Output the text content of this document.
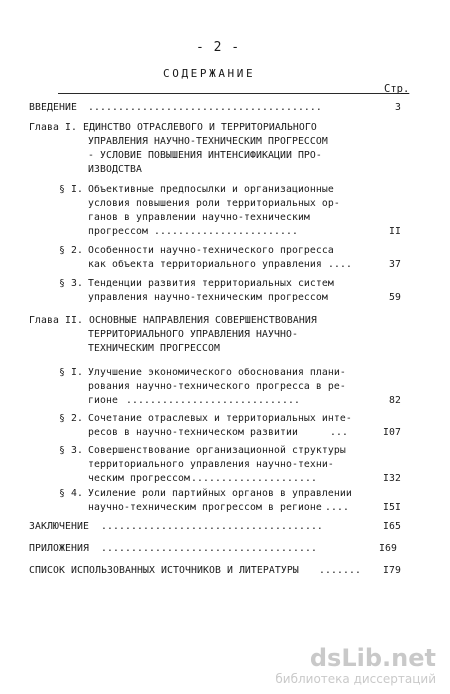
- 2 -
СОДЕРЖАНИЕ
Стр.
ВВЕДЕНИЕ .......................................	3
Глава I. ЕДИНСТВО ОТРАСЛЕВОГО И ТЕРРИТОРИАЛЬНОГО
УПРАВЛЕНИЯ НАУЧНО-ТЕХНИЧЕСКИМ ПРОГРЕССОМ
- УСЛОВИЕ ПОВЫШЕНИЯ ИНТЕНСИФИКАЦИИ ПРО-
ИЗВОДСТВА
§ I. Объективные предпосылки и организационные
условия повышения роли территориальных ор-
ганов в управлении научно-техническим
прогрессом ........................	II
§ 2. Особенности научно-технического прогресса
как объекта территориального управления ....	37
§ 3. Тенденции развития территориальных систем
управления научно-техническим прогрессом	59
Глава II. ОСНОВНЫЕ НАПРАВЛЕНИЯ СОВЕРШЕНСТВОВАНИЯ
ТЕРРИТОРИАЛЬНОГО УПРАВЛЕНИЯ НАУЧНО-
ТЕХНИЧЕСКИМ ПРОГРЕССОМ
§ I. Улучшение экономического обоснования плани-
рования научно-технического прогресса в ре-
гионе .............................	82
§ 2. Сочетание отраслевых и территориальных инте-
ресов в научно-техническом развитии	...	I07
§ 3. Совершенствование организационной структуры
территориального управления научно-техни-
ческим прогрессом .....................	I32
§ 4. Усиление роли партийных органов в управлении
научно-техническим прогрессом в регионе ....	I5I
ЗАКЛЮЧЕНИЕ .....................................	I65
ПРИЛОЖЕНИЯ ....................................	I69
СПИСОК ИСПОЛЬЗОВАННЫХ ИСТОЧНИКОВ И ЛИТЕРАТУРЫ .......	I79
dsLib.net
библиотека диссертаций
